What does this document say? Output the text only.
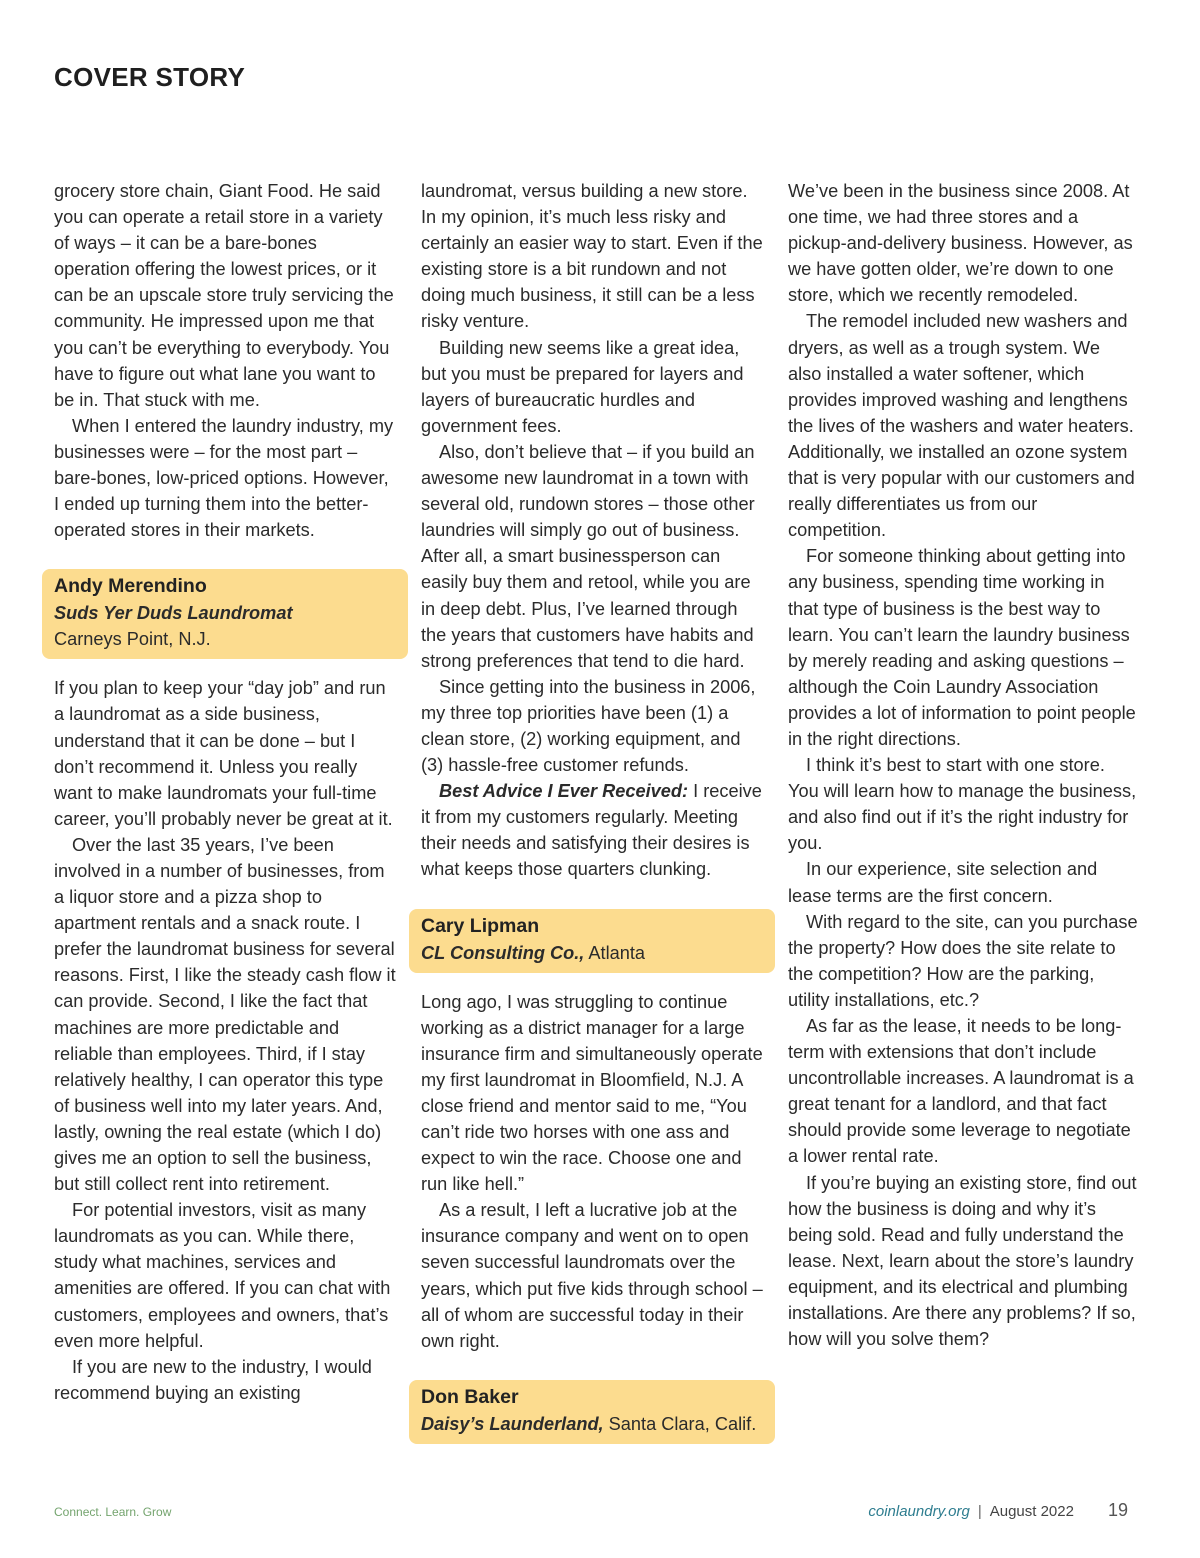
COVER STORY

grocery store chain, Giant Food. He said you can operate a retail store in a variety of ways – it can be a bare-bones operation offering the lowest prices, or it can be an upscale store truly servicing the community. He impressed upon me that you can’t be everything to everybody. You have to figure out what lane you want to be in. That stuck with me.

When I entered the laundry industry, my businesses were – for the most part – bare-bones, low-priced options. However, I ended up turning them into the better-operated stores in their markets.

Andy Merendino
Suds Yer Duds Laundromat
Carneys Point, N.J.

If you plan to keep your “day job” and run a laundromat as a side business, understand that it can be done – but I don’t recommend it. Unless you really want to make laundromats your full-time career, you’ll probably never be great at it.

Over the last 35 years, I’ve been involved in a number of businesses, from a liquor store and a pizza shop to apartment rentals and a snack route. I prefer the laundromat business for several reasons. First, I like the steady cash flow it can provide. Second, I like the fact that machines are more predictable and reliable than employees. Third, if I stay relatively healthy, I can operator this type of business well into my later years. And, lastly, owning the real estate (which I do) gives me an option to sell the business, but still collect rent into retirement.

For potential investors, visit as many laundromats as you can. While there, study what machines, services and amenities are offered. If you can chat with customers, employees and owners, that’s even more helpful.

If you are new to the industry, I would recommend buying an existing

laundromat, versus building a new store. In my opinion, it’s much less risky and certainly an easier way to start. Even if the existing store is a bit rundown and not doing much business, it still can be a less risky venture.

Building new seems like a great idea, but you must be prepared for layers and layers of bureaucratic hurdles and government fees.

Also, don’t believe that – if you build an awesome new laundromat in a town with several old, rundown stores – those other laundries will simply go out of business. After all, a smart businessperson can easily buy them and retool, while you are in deep debt. Plus, I’ve learned through the years that customers have habits and strong preferences that tend to die hard.

Since getting into the business in 2006, my three top priorities have been (1) a clean store, (2) working equipment, and (3) hassle-free customer refunds.

Best Advice I Ever Received: I receive it from my customers regularly. Meeting their needs and satisfying their desires is what keeps those quarters clunking.

Cary Lipman
CL Consulting Co., Atlanta

Long ago, I was struggling to continue working as a district manager for a large insurance firm and simultaneously operate my first laundromat in Bloomfield, N.J. A close friend and mentor said to me, “You can’t ride two horses with one ass and expect to win the race. Choose one and run like hell.”

As a result, I left a lucrative job at the insurance company and went on to open seven successful laundromats over the years, which put five kids through school – all of whom are successful today in their own right.

Don Baker
Daisy’s Launderland, Santa Clara, Calif.

We’ve been in the business since 2008. At one time, we had three stores and a pickup-and-delivery business. However, as we have gotten older, we’re down to one store, which we recently remodeled.

The remodel included new washers and dryers, as well as a trough system. We also installed a water softener, which provides improved washing and lengthens the lives of the washers and water heaters. Additionally, we installed an ozone system that is very popular with our customers and really differentiates us from our competition.

For someone thinking about getting into any business, spending time working in that type of business is the best way to learn. You can’t learn the laundry business by merely reading and asking questions – although the Coin Laundry Association provides a lot of information to point people in the right directions.

I think it’s best to start with one store. You will learn how to manage the business, and also find out if it’s the right industry for you.

In our experience, site selection and lease terms are the first concern.

With regard to the site, can you purchase the property? How does the site relate to the competition? How are the parking, utility installations, etc.?

As far as the lease, it needs to be long-term with extensions that don’t include uncontrollable increases. A laundromat is a great tenant for a landlord, and that fact should provide some leverage to negotiate a lower rental rate.

If you’re buying an existing store, find out how the business is doing and why it’s being sold. Read and fully understand the lease. Next, learn about the store’s laundry equipment, and its electrical and plumbing installations. Are there any problems? If so, how will you solve them?

Connect. Learn. Grow	coinlaundry.org | August 2022 19
